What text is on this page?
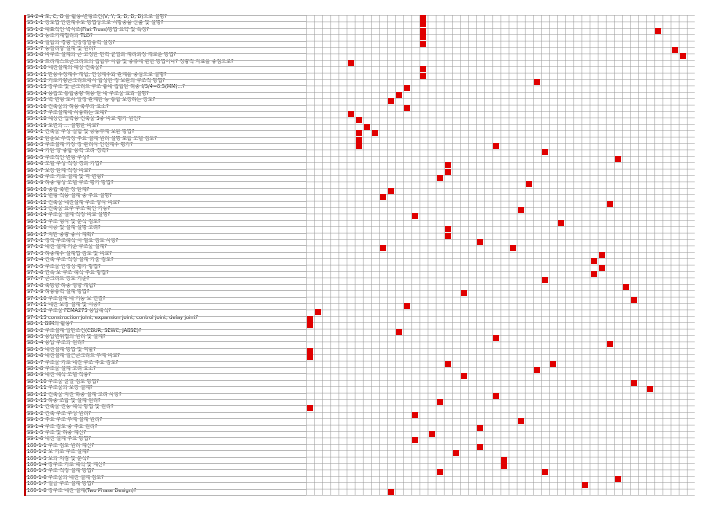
94-2-4 포, C, O 를 활용-변형조건(V, Y, S, D, D, D)으로 설명?
95-1-1 강도법 안전계수도 방법상으로 시방중을 산출 및 설명?
95-1-2 대표적인 벽식조(Flat Truss)방법 요약 및 특징?
95-1-3 동조기계법리의 TLD?
95-1-6 철탑의 경량 인장정밀응력 설정?
95-1-7 동절리양 설계 및 원리?
95-1-8 비구조 설계의 큰 고정한 반력 균열과 재리과정 개로운 방법?
95-1-9 프리캐스트콘크리트의 접합부 이름 및 종류에 관한 방법이나? 정량적 자료를 중점으로?
95-1-10 내진설계의 대상 건축물?
95-1-11 반응수정계수 개념, 연성계수와 관계를 중심으로 설명?
95-1-12 기초기량콘크리트에서 합성한 정 보완의 구조적 방법?
95-1-13 강구조 및 콘크리트 구조 흉내 접합단 허중 f/3/4=0.5(MM)...?
95-1-14 용접모 통합중량 허용 탄 내 구조물 효과 설명?
95-1-15 벽 변형 토사 일정 관계한 등 통합 보강하는 강도?
95-1-16 건축물의 허용 축부의 요소?
95-1-17 구조설계에 사용하는 토대?
95-1-18 예상건 입력용 건축물 3중 비교 평가 원인?
95-1-19 도면의 ... 설명한 비교?
96-1-1 건축물 구성 실험 및 공동부재 보완 방법?
96-1-2 단순보 부적정 주요 설계 원리 설명 포함 모델 검토?
96-1-3 구조설계 가장 장 관리식 안전계수 평가?
96-1-4 기단 양 중합 응력 고려 경력?
96-1-5 구조적인 변형 구성?
96-1-6 모델 구성 적정 경과 기법?
96-1-7 보강 단계 적정 비교?
96-1-8 구조 기초 설계 및 역 변형?
96-1-9 하중 형성 모델 구조 평가 방법?
96-1-10 중립 축변 정 단계?
96-1-11 변형 적용 설계 중 주요 설명?
96-1-12 건축물 내진설계 구조 양식 비교?
96-1-13 건축물 요구 구조 확인 가능?
96-1-14 구조물 설계 적정 비교 설명?
96-1-15 구조 형식 및 분석 검토?
96-1-16 시공 및 설계 설명 고려?
96-1-17 지반 중량 중시 계획?
97-1-1 정적 구조해석 시 필요 검토 사항?
97-1-2 내진 설계 기준 구조물 설계?
97-1-3 하중계수 설계법 검토 및 비교?
97-1-4 건축 구조 적정 설계 기술 검토?
97-1-5 구조물 안정성 평가 방법?
97-1-6 연속 보 구조 해석 주요 방법?
97-1-7 콘크리트 강도 기준?
97-1-8 축방향 하중 영향 개념?
97-1-9 허용응력 설계 방법?
97-1-10 구조설계 내 기둥 보 연결?
97-1-11 내진 보강 설계 및 시공?
97-1-12 구조물 FEMA273 응답해석?
97-1-13 construction joint, expansion joint, control joint, delay joint?
98-1-1 BIM의 활용?
98-1-2 구조설계 일반조건(CBUR, SEWC, JABSE)?
98-1-3 응답변위법의 원리 및 설계?
98-1-4 응답 구조의 원리?
98-1-5 내진설계 방법 및 역할?
98-1-6 내진설계 철근콘크리트 부재 비교?
98-1-7 구조물 기초 내진 구조 주요 검토?
98-1-8 구조물 설계 고려 요소?
98-1-9 내진 해석 모델 적용?
98-1-10 구조물 균열 검토 방법?
98-1-11 구조물의 보강 설계?
98-1-12 건축물 지진 하중 설계 고려 사항?
98-1-13 하중 조합 및 설계 원리?
99-1-1 건축물 진동 해석 방법 및 원리?
99-1-2 건축 구조 구성 원리?
99-1-3 주요 구조 부재 설계 원리?
99-1-4 구조 검토 중 주요 원리?
99-1-5 구조 및 하중 계산?
99-1-6 내진 설계 주요 방법?
100-1-1 구조 검토 원리 계산?
100-1-2 보 기초 구조 설계?
100-1-3 보의 처짐 및 분석?
100-1-4 강구조 기초 해석 및 계산?
100-1-5 구조 적정 설계 방법?
100-1-6 구조물의 내진 설계 검토?
100-1-7 철골 구조 설계 방법?
100-1-8 강구조 내진 설계(Two Phase Design)?
